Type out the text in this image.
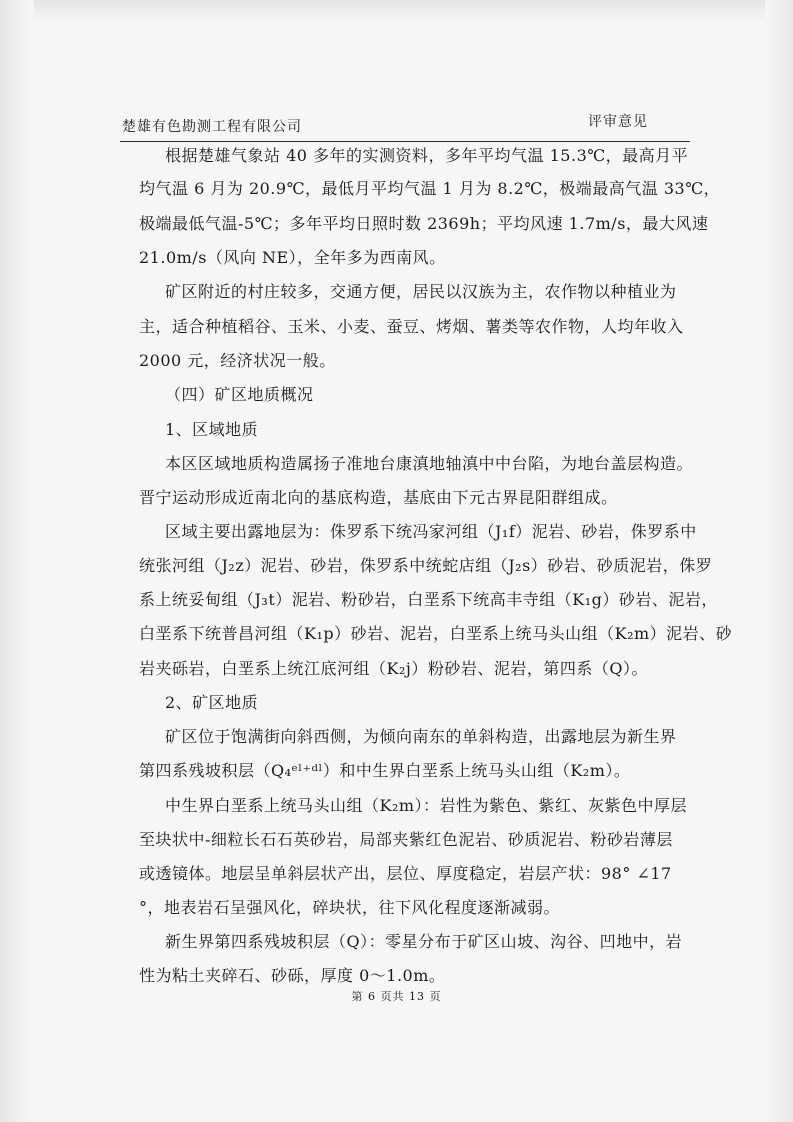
楚雄有色勘测工程有限公司	评审意见
根据楚雄气象站 40 多年的实测资料，多年平均气温 15.3℃，最高月平
均气温 6 月为 20.9℃，最低月平均气温 1 月为 8.2℃，极端最高气温 33℃，
极端最低气温-5℃；多年平均日照时数 2369h；平均风速 1.7m/s，最大风速
21.0m/s（风向 NE），全年多为西南风。
矿区附近的村庄较多，交通方便，居民以汉族为主，农作物以种植业为
主，适合种植稻谷、玉米、小麦、蚕豆、烤烟、薯类等农作物，人均年收入
2000 元，经济状况一般。
（四）矿区地质概况
1、区域地质
本区区域地质构造属扬子准地台康滇地轴滇中中台陷，为地台盖层构造。
晋宁运动形成近南北向的基底构造，基底由下元古界昆阳群组成。
区域主要出露地层为：侏罗系下统冯家河组（J₁f）泥岩、砂岩，侏罗系中
统张河组（J₂z）泥岩、砂岩，侏罗系中统蛇店组（J₂s）砂岩、砂质泥岩，侏罗
系上统妥甸组（J₃t）泥岩、粉砂岩，白垩系下统高丰寺组（K₁g）砂岩、泥岩，
白垩系下统普昌河组（K₁p）砂岩、泥岩，白垩系上统马头山组（K₂m）泥岩、砂
岩夹砾岩，白垩系上统江底河组（K₂j）粉砂岩、泥岩，第四系（Q）。
2、矿区地质
矿区位于饱满街向斜西侧，为倾向南东的单斜构造，出露地层为新生界
第四系残坡积层（Q₄ᵉˡ⁺ᵈˡ）和中生界白垩系上统马头山组（K₂m）。
中生界白垩系上统马头山组（K₂m）：岩性为紫色、紫红、灰紫色中厚层
至块状中-细粒长石石英砂岩，局部夹紫红色泥岩、砂质泥岩、粉砂岩薄层
或透镜体。地层呈单斜层状产出，层位、厚度稳定，岩层产状：98° ∠17
°，地表岩石呈强风化，碎块状，往下风化程度逐渐减弱。
新生界第四系残坡积层（Q）：零星分布于矿区山坡、沟谷、凹地中，岩
性为粘土夹碎石、砂砾，厚度 0～1.0m。
第 6 页共 13 页
